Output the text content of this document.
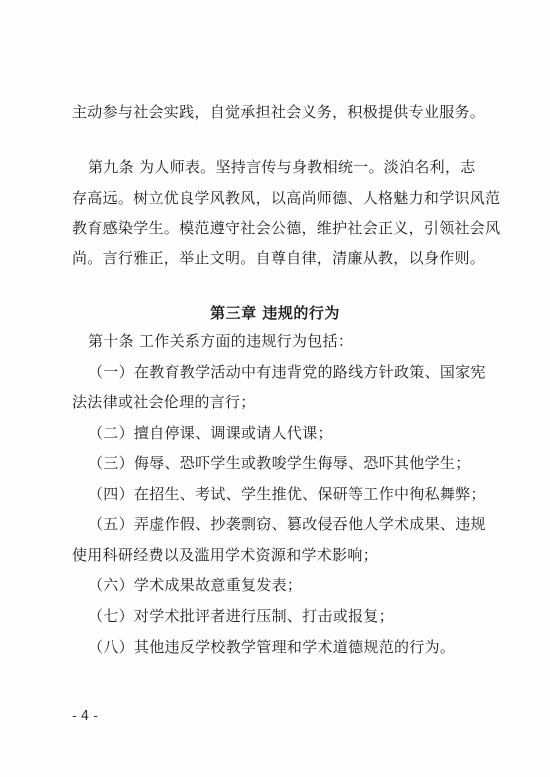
主动参与社会实践，自觉承担社会义务，积极提供专业服务。
第九条 为人师表。坚持言传与身教相统一。淡泊名利，志
存高远。树立优良学风教风，以高尚师德、人格魅力和学识风范
教育感染学生。模范遵守社会公德，维护社会正义，引领社会风
尚。言行雅正，举止文明。自尊自律，清廉从教，以身作则。
第三章 违规的行为
第十条 工作关系方面的违规行为包括：
（一）在教育教学活动中有违背党的路线方针政策、国家宪
法法律或社会伦理的言行；
（二）擅自停课、调课或请人代课；
（三）侮辱、恐吓学生或教唆学生侮辱、恐吓其他学生；
（四）在招生、考试、学生推优、保研等工作中徇私舞弊；
（五）弄虚作假、抄袭剽窃、篡改侵吞他人学术成果、违规
使用科研经费以及滥用学术资源和学术影响；
（六）学术成果故意重复发表；
（七）对学术批评者进行压制、打击或报复；
（八）其他违反学校教学管理和学术道德规范的行为。
- 4 -
